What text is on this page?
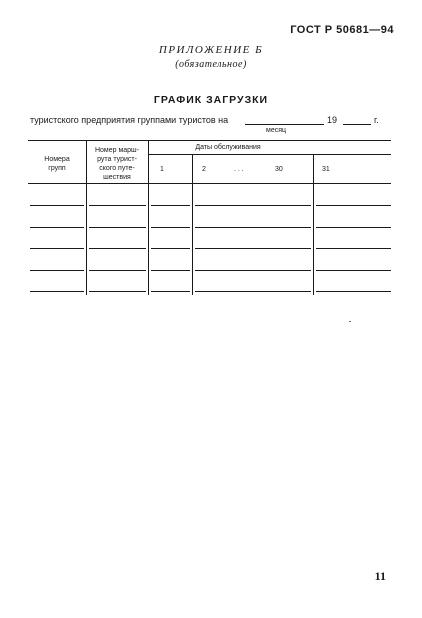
ГОСТ Р 50681—94
ПРИЛОЖЕНИЕ Б
(обязательное)
ГРАФИК ЗАГРУЗКИ
туристского предприятия группами туристов на	19	г.
месяц
Номера
групп
Номер марш-
рута турист-
ского путе-
шествия
Даты обслуживания
1	2	. . .	30	31
11
